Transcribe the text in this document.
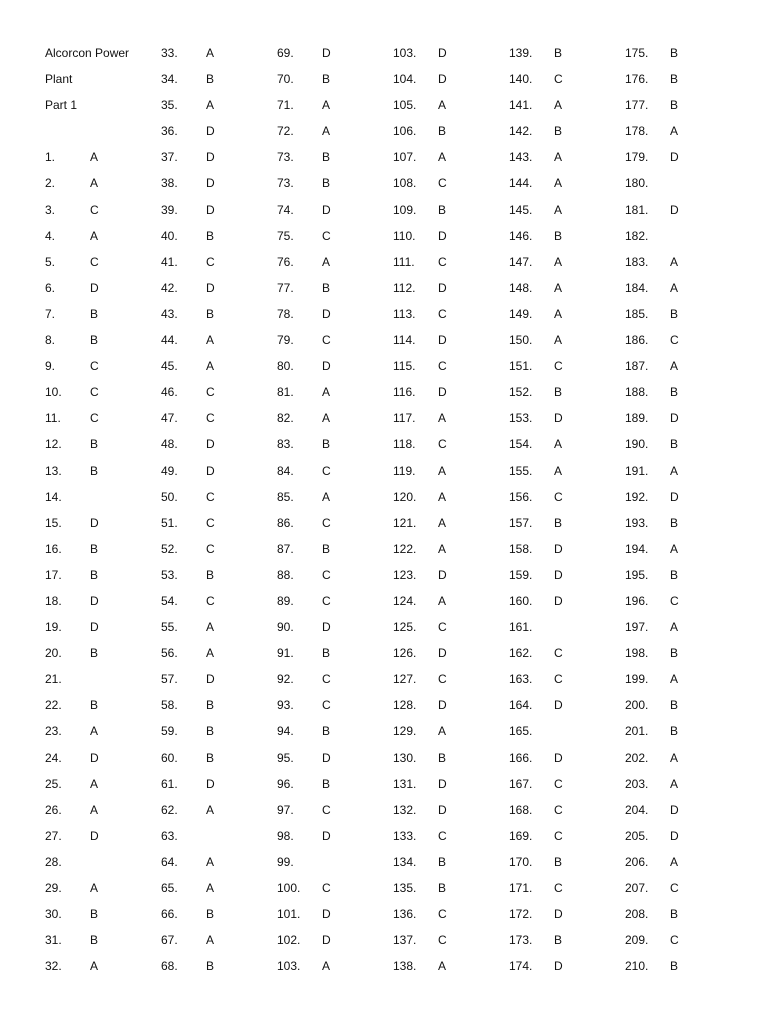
Alcorcon Power
Plant
Part 1
1.	A
2.	A
3.	C
4.	A
5.	C
6.	D
7.	B
8.	B
9.	C
10. C
11. C
12. B
13. B
14.
15. D
16. B
17. B
18. D
19. D
20. B
21.
22. B
23. A
24. D
25. A
26. A
27. D
28.
29. A
30. B
31. B
32. A
33. A
34. B
35. A
36. D
37. D
38. D
39. D
40. B
41. C
42. D
43. B
44. A
45. A
46. C
47. C
48. D
49. D
50. C
51. C
52. C
53. B
54. C
55. A
56. A
57. D
58. B
59. B
60. B
61. D
62. A
63.
64. A
65. A
66. B
67. A
68. B
69. D
70. B
71. A
72. A
73. B
73. B
74. D
75. C
76. A
77. B
78. D
79. C
80. D
81. A
82. A
83. B
84. C
85. A
86. C
87. B
88. C
89. C
90. D
91. B
92. C
93. C
94. B
95. D
96. B
97. C
98. D
99.
100. C
101. D
102. D
103. A
103. D
104. D
105. A
106. B
107. A
108. C
109. B
110. D
111. C
112. D
113. C
114. D
115. C
116. D
117. A
118. C
119. A
120. A
121. A
122. A
123. D
124. A
125. C
126. D
127. C
128. D
129. A
130. B
131. D
132. D
133. C
134. B
135. B
136. C
137. C
138. A
139. B
140. C
141. A
142. B
143. A
144. A
145. A
146. B
147. A
148. A
149. A
150. A
151. C
152. B
153. D
154. A
155. A
156. C
157. B
158. D
159. D
160. D
161.
162. C
163. C
164. D
165.
166. D
167. C
168. C
169. C
170. B
171. C
172. D
173. B
174. D
175. B
176. B
177. B
178. A
179. D
180.
181. D
182.
183. A
184. A
185. B
186. C
187. A
188. B
189. D
190. B
191. A
192. D
193. B
194. A
195. B
196. C
197. A
198. B
199. A
200. B
201. B
202. A
203. A
204. D
205. D
206. A
207. C
208. B
209. C
210. B
